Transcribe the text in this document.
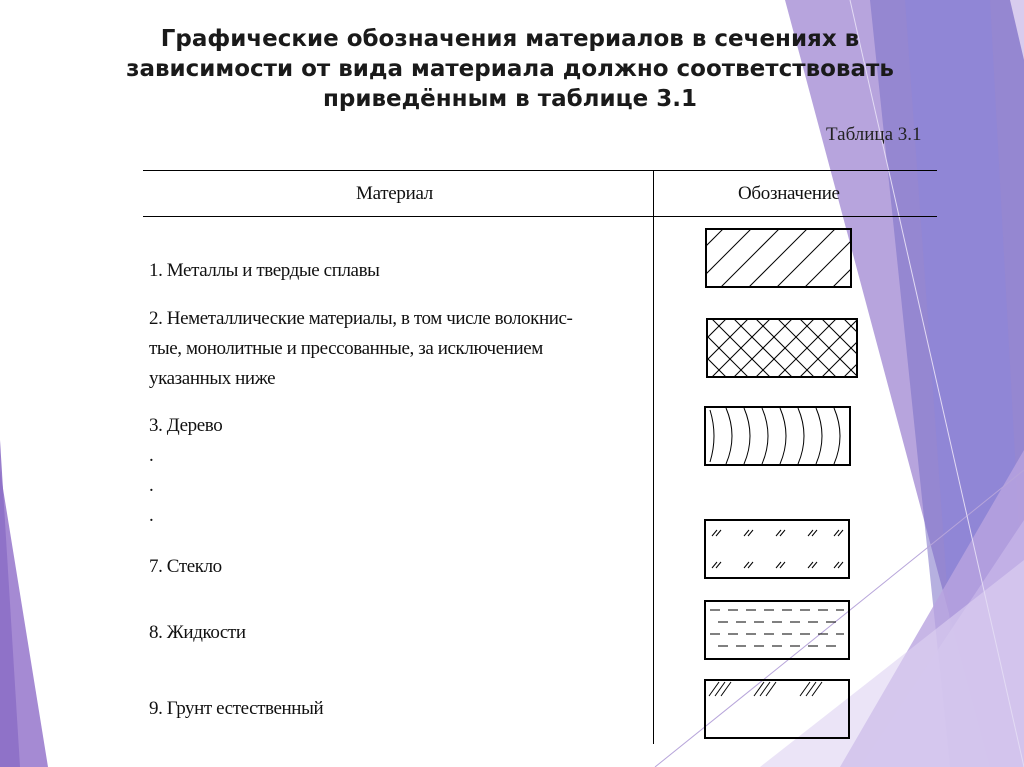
Графические обозначения материалов в сечениях в
зависимости от вида материала должно соответствовать
приведённым в таблице 3.1
Таблица 3.1
Материал	Обозначение
1. Металлы и твердые сплавы
2. Неметаллические материалы, в том числе волокнис-
тые, монолитные и прессованные, за исключением
указанных ниже
3. Дерево
.
.
.
7. Стекло
8. Жидкости
9. Грунт естественный
